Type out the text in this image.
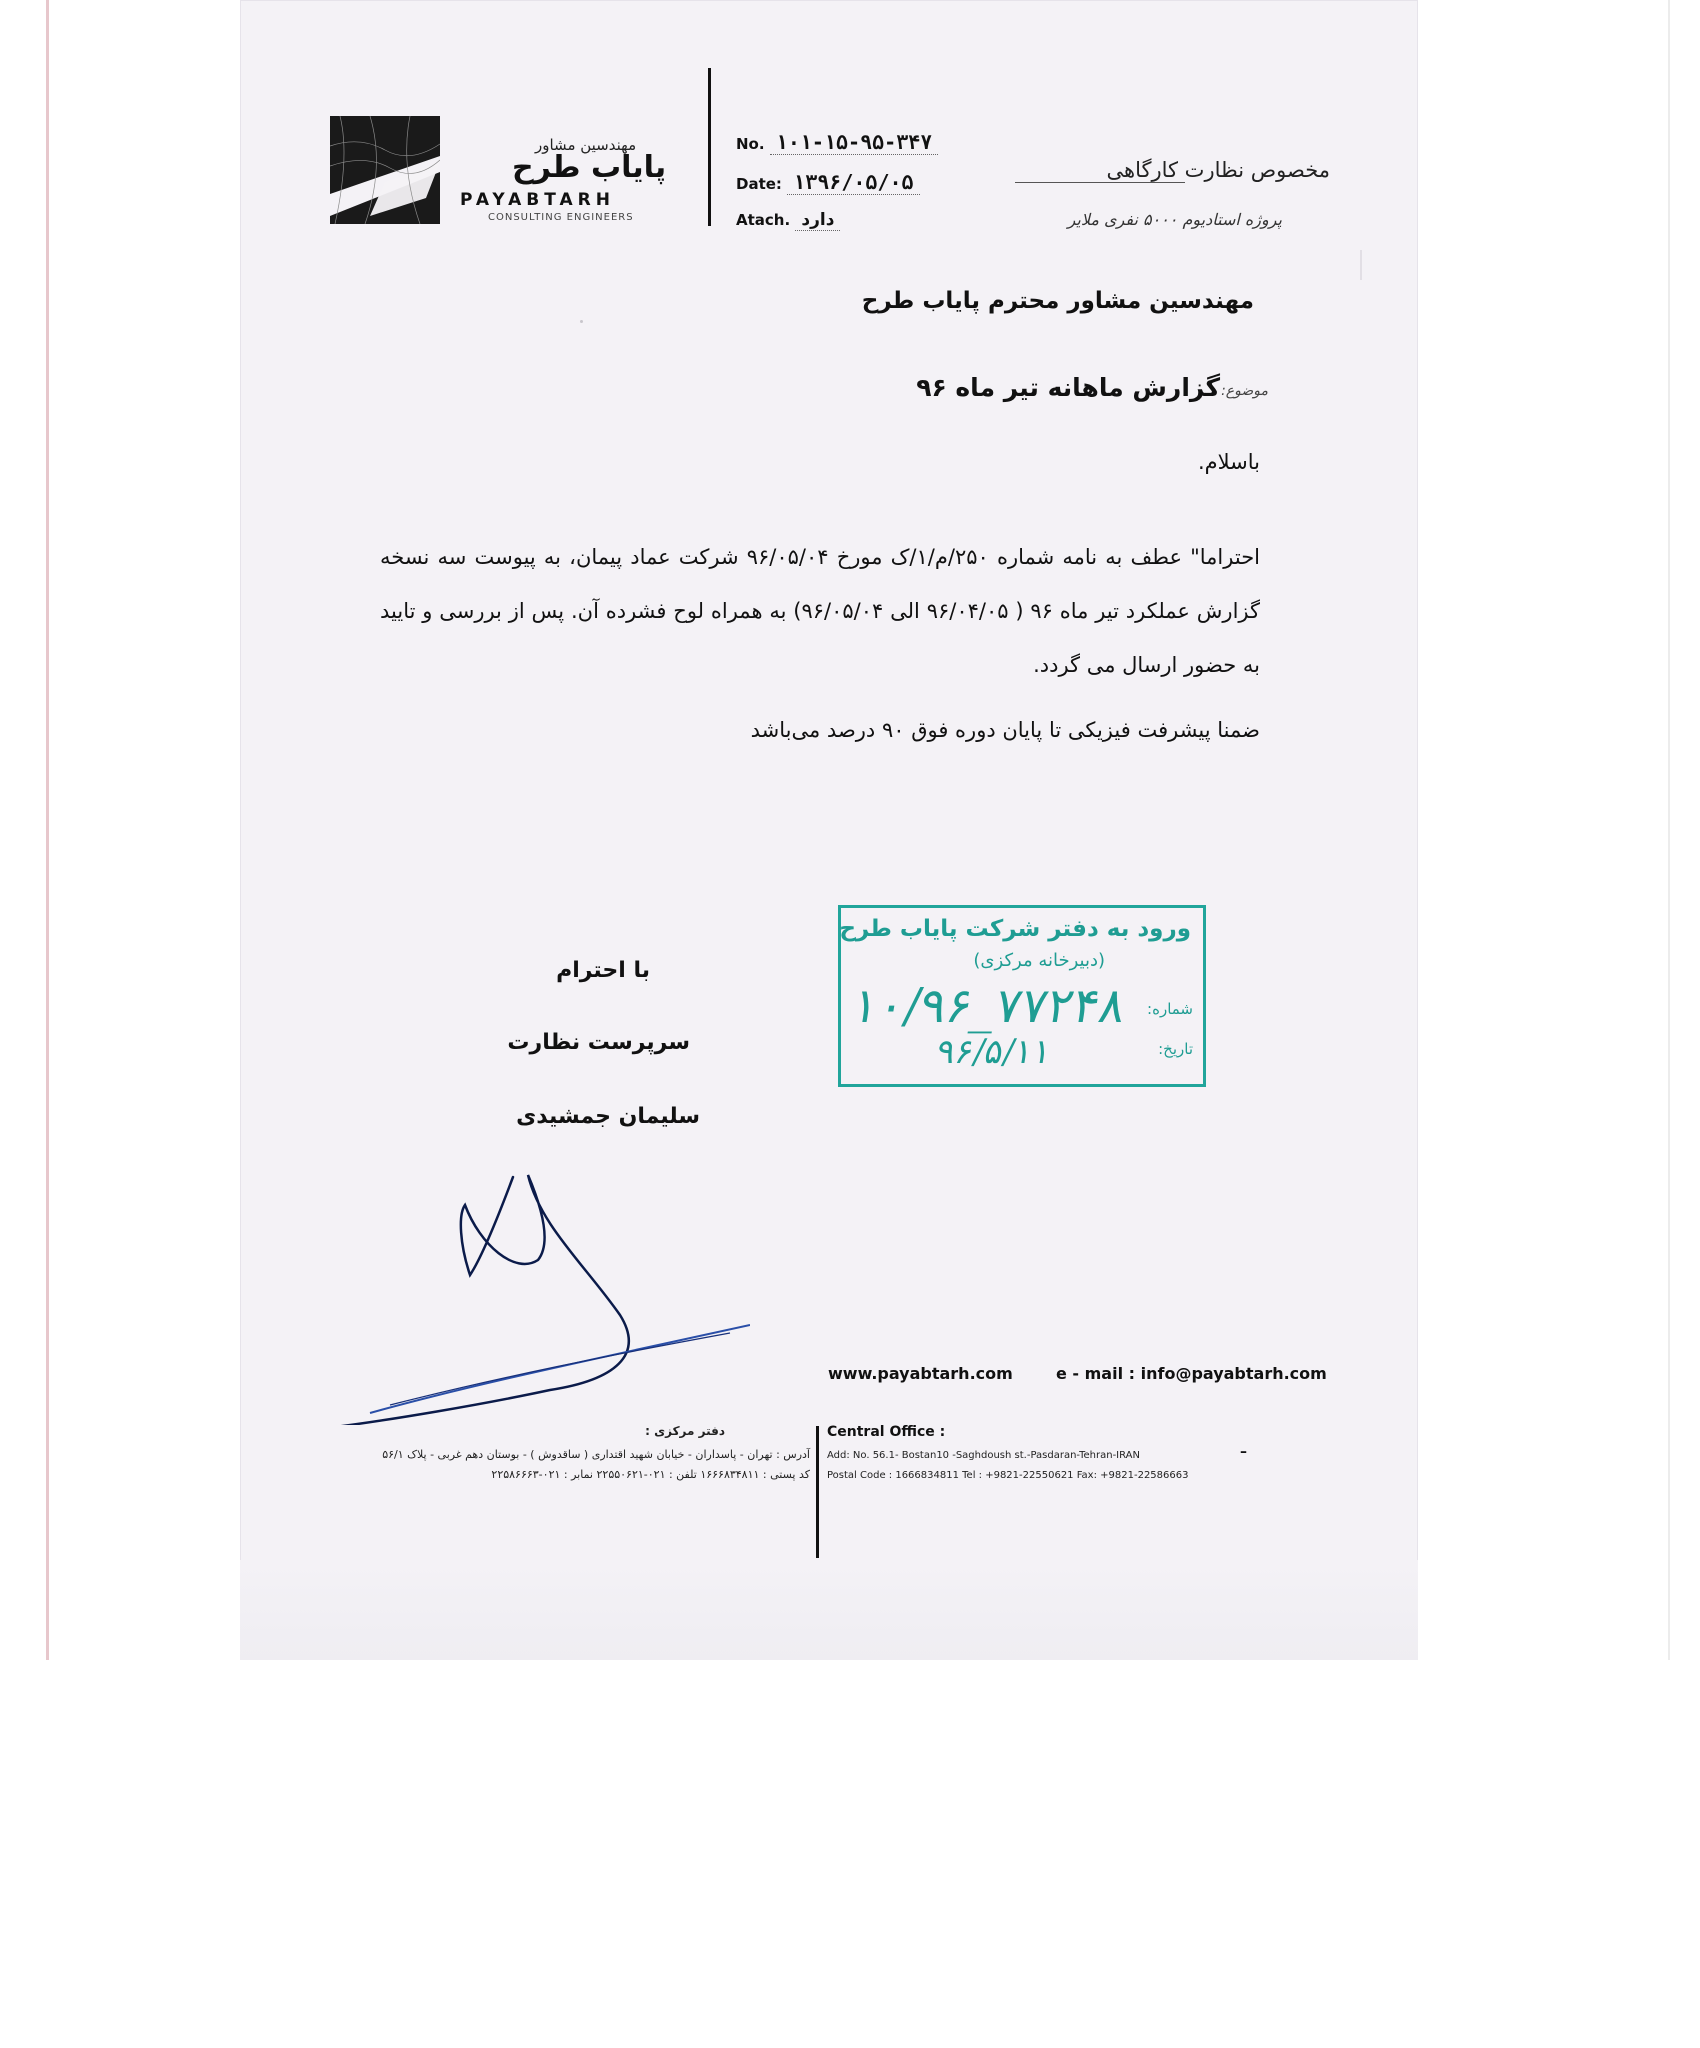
مهندسین مشاور
پایاب طرح
PAYABTARH
CONSULTING ENGINEERS
No. ۱۰۱-۱۵-۹۵-۳۴۷
Date: ۱۳۹۶/۰۵/۰۵
Atach. دارد
مخصوص نظارت کارگاهی
پروژه استادیوم ۵۰۰۰ نفری ملایر
مهندسین مشاور محترم پایاب طرح
موضوع:
گزارش ماهانه تیر ماه ۹۶
باسلام.
احتراما" عطف به نامه شماره ۲۵۰/م/۱/ک مورخ ۹۶/۰۵/۰۴ شرکت عماد پیمان، به پیوست سه نسخه گزارش عملکرد تیر ماه ۹۶ ( ۹۶/۰۴/۰۵ الی ۹۶/۰۵/۰۴) به همراه لوح فشرده آن. پس از بررسی و تایید به حضور ارسال می گردد.
ضمنا پیشرفت فیزیکی تا پایان دوره فوق ۹۰ درصد می‌باشد
ورود به دفتر شرکت پایاب طرح
(دبیرخانه مرکزی)
شماره:
۱۰/۹۶_۷۷۲۴۸
تاریخ:
۹۶/۵/۱۱
با احترام
سرپرست نظارت
سلیمان جمشیدی
www.payabtarh.com	e - mail : info@payabtarh.com
Central Office :
Add: No. 56.1- Bostan10 -Saghdoush st.-Pasdaran-Tehran-IRAN
Postal Code : 1666834811 Tel : +9821-22550621 Fax: +9821-22586663
–
دفتر مرکزی :
آدرس : تهران - پاسداران - خیابان شهید اقتداری ( ساقدوش ) - بوستان دهم غربی - پلاک ۵۶/۱
کد پستی : ۱۶۶۶۸۳۴۸۱۱ تلفن : ۰۲۱-۲۲۵۵۰۶۲۱ نمابر : ۰۲۱-۲۲۵۸۶۶۶۳
